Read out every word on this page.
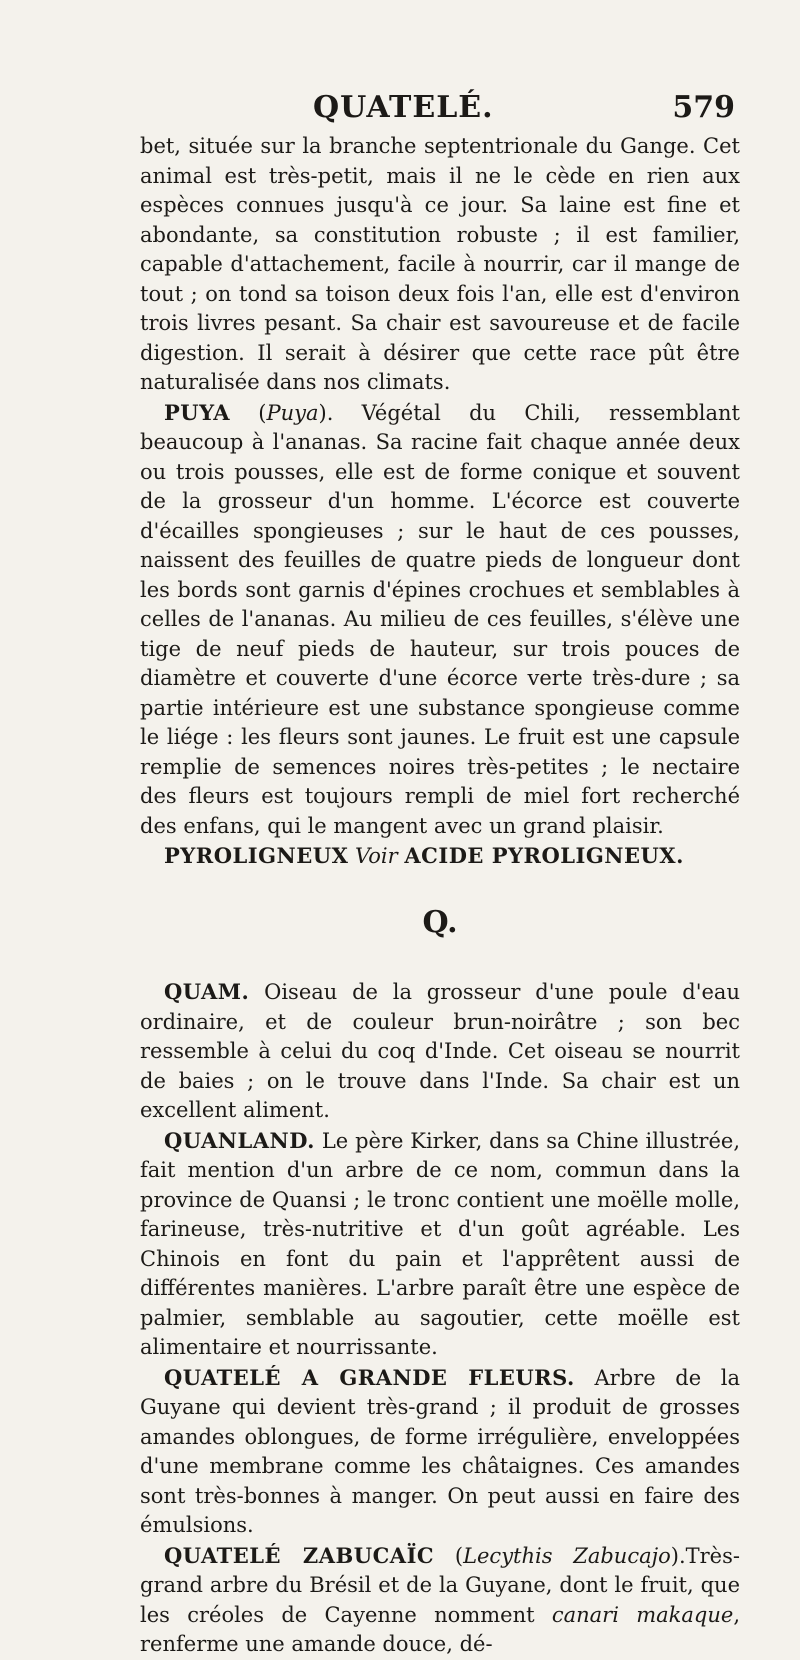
QUATELÉ.	579

bet, située sur la branche septentrionale du Gange. Cet animal est très-petit, mais il ne le cède en rien aux espèces connues jusqu'à ce jour. Sa laine est fine et abondante, sa constitution robuste ; il est familier, capable d'attachement, facile à nourrir, car il mange de tout ; on tond sa toison deux fois l'an, elle est d'environ trois livres pesant. Sa chair est savoureuse et de facile digestion. Il serait à désirer que cette race pût être naturalisée dans nos climats.

PUYA (Puya). Végétal du Chili, ressemblant beaucoup à l'ananas. Sa racine fait chaque année deux ou trois pousses, elle est de forme conique et souvent de la grosseur d'un homme. L'écorce est couverte d'écailles spongieuses ; sur le haut de ces pousses, naissent des feuilles de quatre pieds de longueur dont les bords sont garnis d'épines crochues et semblables à celles de l'ananas. Au milieu de ces feuilles, s'élève une tige de neuf pieds de hauteur, sur trois pouces de diamètre et couverte d'une écorce verte très-dure ; sa partie intérieure est une substance spongieuse comme le liége : les fleurs sont jaunes. Le fruit est une capsule remplie de semences noires très-petites ; le nectaire des fleurs est toujours rempli de miel fort recherché des enfans, qui le mangent avec un grand plaisir.

PYROLIGNEUX Voir ACIDE PYROLIGNEUX.

Q.

QUAM. Oiseau de la grosseur d'une poule d'eau ordinaire, et de couleur brun-noirâtre ; son bec ressemble à celui du coq d'Inde. Cet oiseau se nourrit de baies ; on le trouve dans l'Inde. Sa chair est un excellent aliment.

QUANLAND. Le père Kirker, dans sa Chine illustrée, fait mention d'un arbre de ce nom, commun dans la province de Quansi ; le tronc contient une moëlle molle, farineuse, très-nutritive et d'un goût agréable. Les Chinois en font du pain et l'apprêtent aussi de différentes manières. L'arbre paraît être une espèce de palmier, semblable au sagoutier, cette moëlle est alimentaire et nourrissante.

QUATELÉ A GRANDE FLEURS. Arbre de la Guyane qui devient très-grand ; il produit de grosses amandes oblongues, de forme irrégulière, enveloppées d'une membrane comme les châtaignes. Ces amandes sont très-bonnes à manger. On peut aussi en faire des émulsions.

QUATELÉ ZABUCAÏC (Lecythis Zabucajo).Très-grand arbre du Brésil et de la Guyane, dont le fruit, que les créoles de Cayenne nomment canari makaque, renferme une amande douce, dé-
